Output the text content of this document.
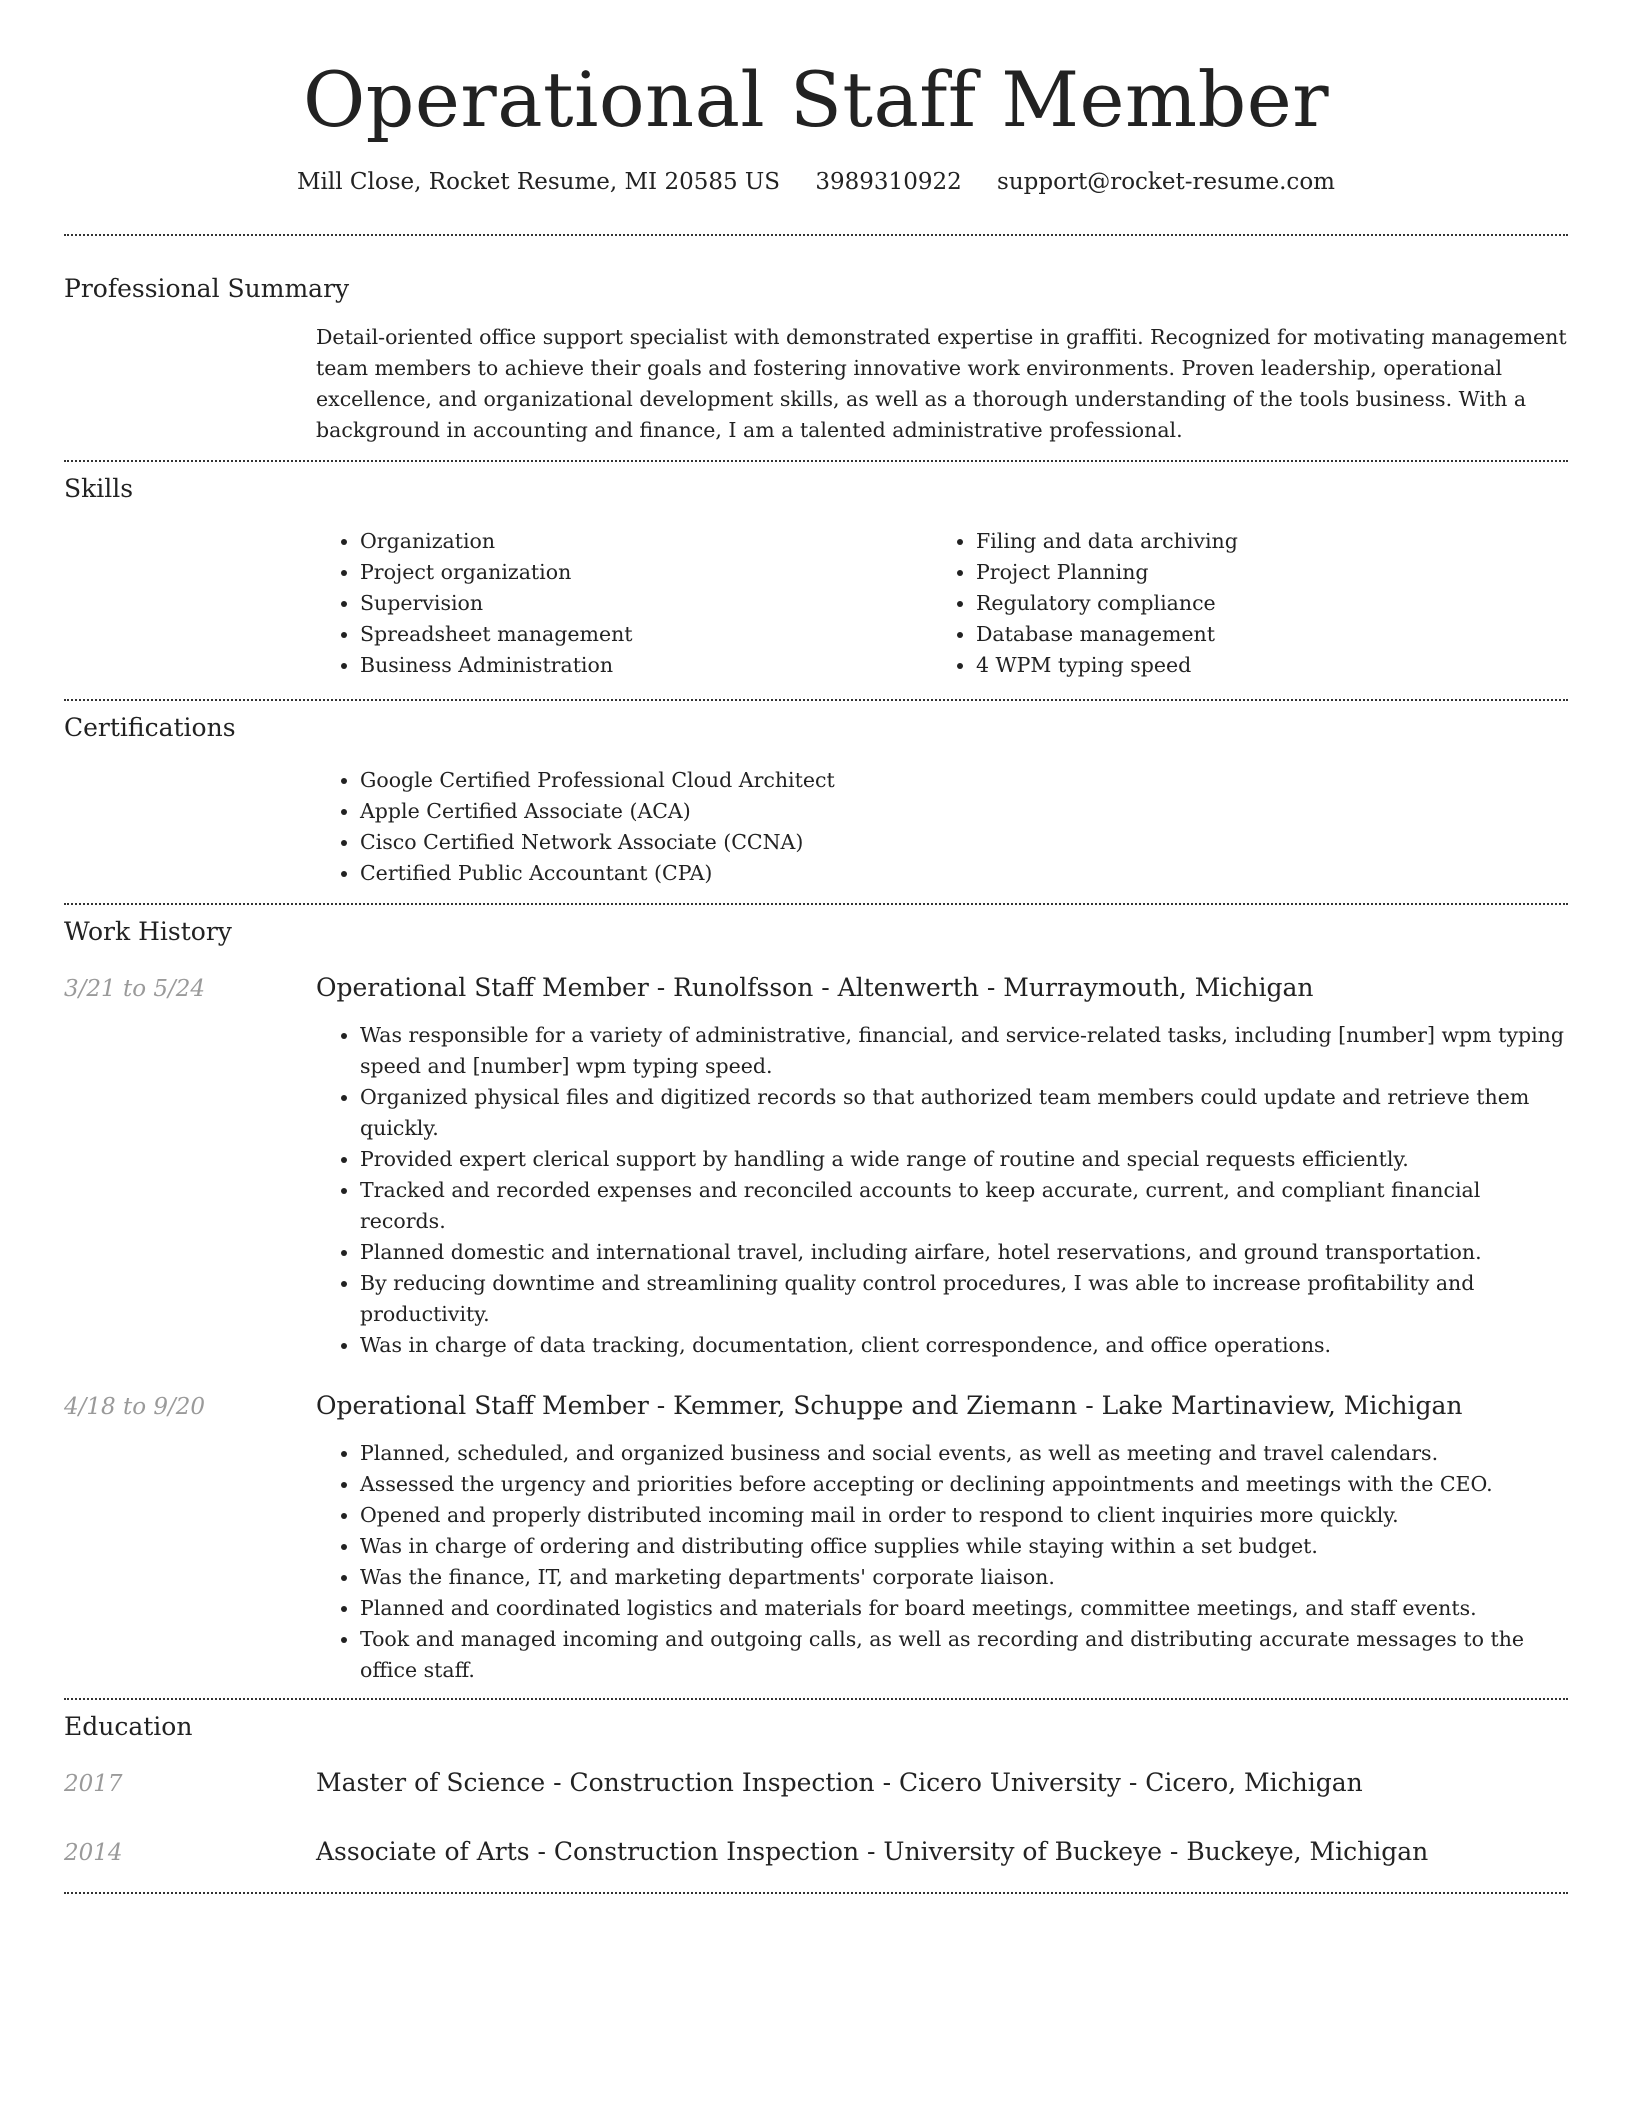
Operational Staff Member
Mill Close, Rocket Resume, MI 20585 US 3989310922 support@rocket-resume.com
Professional Summary

Detail-oriented office support specialist with demonstrated expertise in graffiti. Recognized for motivating management team members to achieve their goals and fostering innovative work environments. Proven leadership, operational excellence, and organizational development skills, as well as a thorough understanding of the tools business. With a background in accounting and finance, I am a talented administrative professional.

Skills
• Organization
• Project organization
• Supervision
• Spreadsheet management
• Business Administration
• Filing and data archiving
• Project Planning
• Regulatory compliance
• Database management
• 4 WPM typing speed
Certifications
• Google Certified Professional Cloud Architect
• Apple Certified Associate (ACA)
• Cisco Certified Network Associate (CCNA)
• Certified Public Accountant (CPA)
Work History
3/21 to 5/24	Operational Staff Member - Runolfsson - Altenwerth - Murraymouth, Michigan
• Was responsible for a variety of administrative, financial, and service-related tasks, including [number] wpm typing speed and [number] wpm typing speed.
• Organized physical files and digitized records so that authorized team members could update and retrieve them quickly.
• Provided expert clerical support by handling a wide range of routine and special requests efficiently.
• Tracked and recorded expenses and reconciled accounts to keep accurate, current, and compliant financial records.
• Planned domestic and international travel, including airfare, hotel reservations, and ground transportation.
• By reducing downtime and streamlining quality control procedures, I was able to increase profitability and productivity.
• Was in charge of data tracking, documentation, client correspondence, and office operations.
4/18 to 9/20	Operational Staff Member - Kemmer, Schuppe and Ziemann - Lake Martinaview, Michigan
• Planned, scheduled, and organized business and social events, as well as meeting and travel calendars.
• Assessed the urgency and priorities before accepting or declining appointments and meetings with the CEO.
• Opened and properly distributed incoming mail in order to respond to client inquiries more quickly.
• Was in charge of ordering and distributing office supplies while staying within a set budget.
• Was the finance, IT, and marketing departments' corporate liaison.
• Planned and coordinated logistics and materials for board meetings, committee meetings, and staff events.
• Took and managed incoming and outgoing calls, as well as recording and distributing accurate messages to the office staff.
Education
2017	Master of Science - Construction Inspection - Cicero University - Cicero, Michigan
2014	Associate of Arts - Construction Inspection - University of Buckeye - Buckeye, Michigan
